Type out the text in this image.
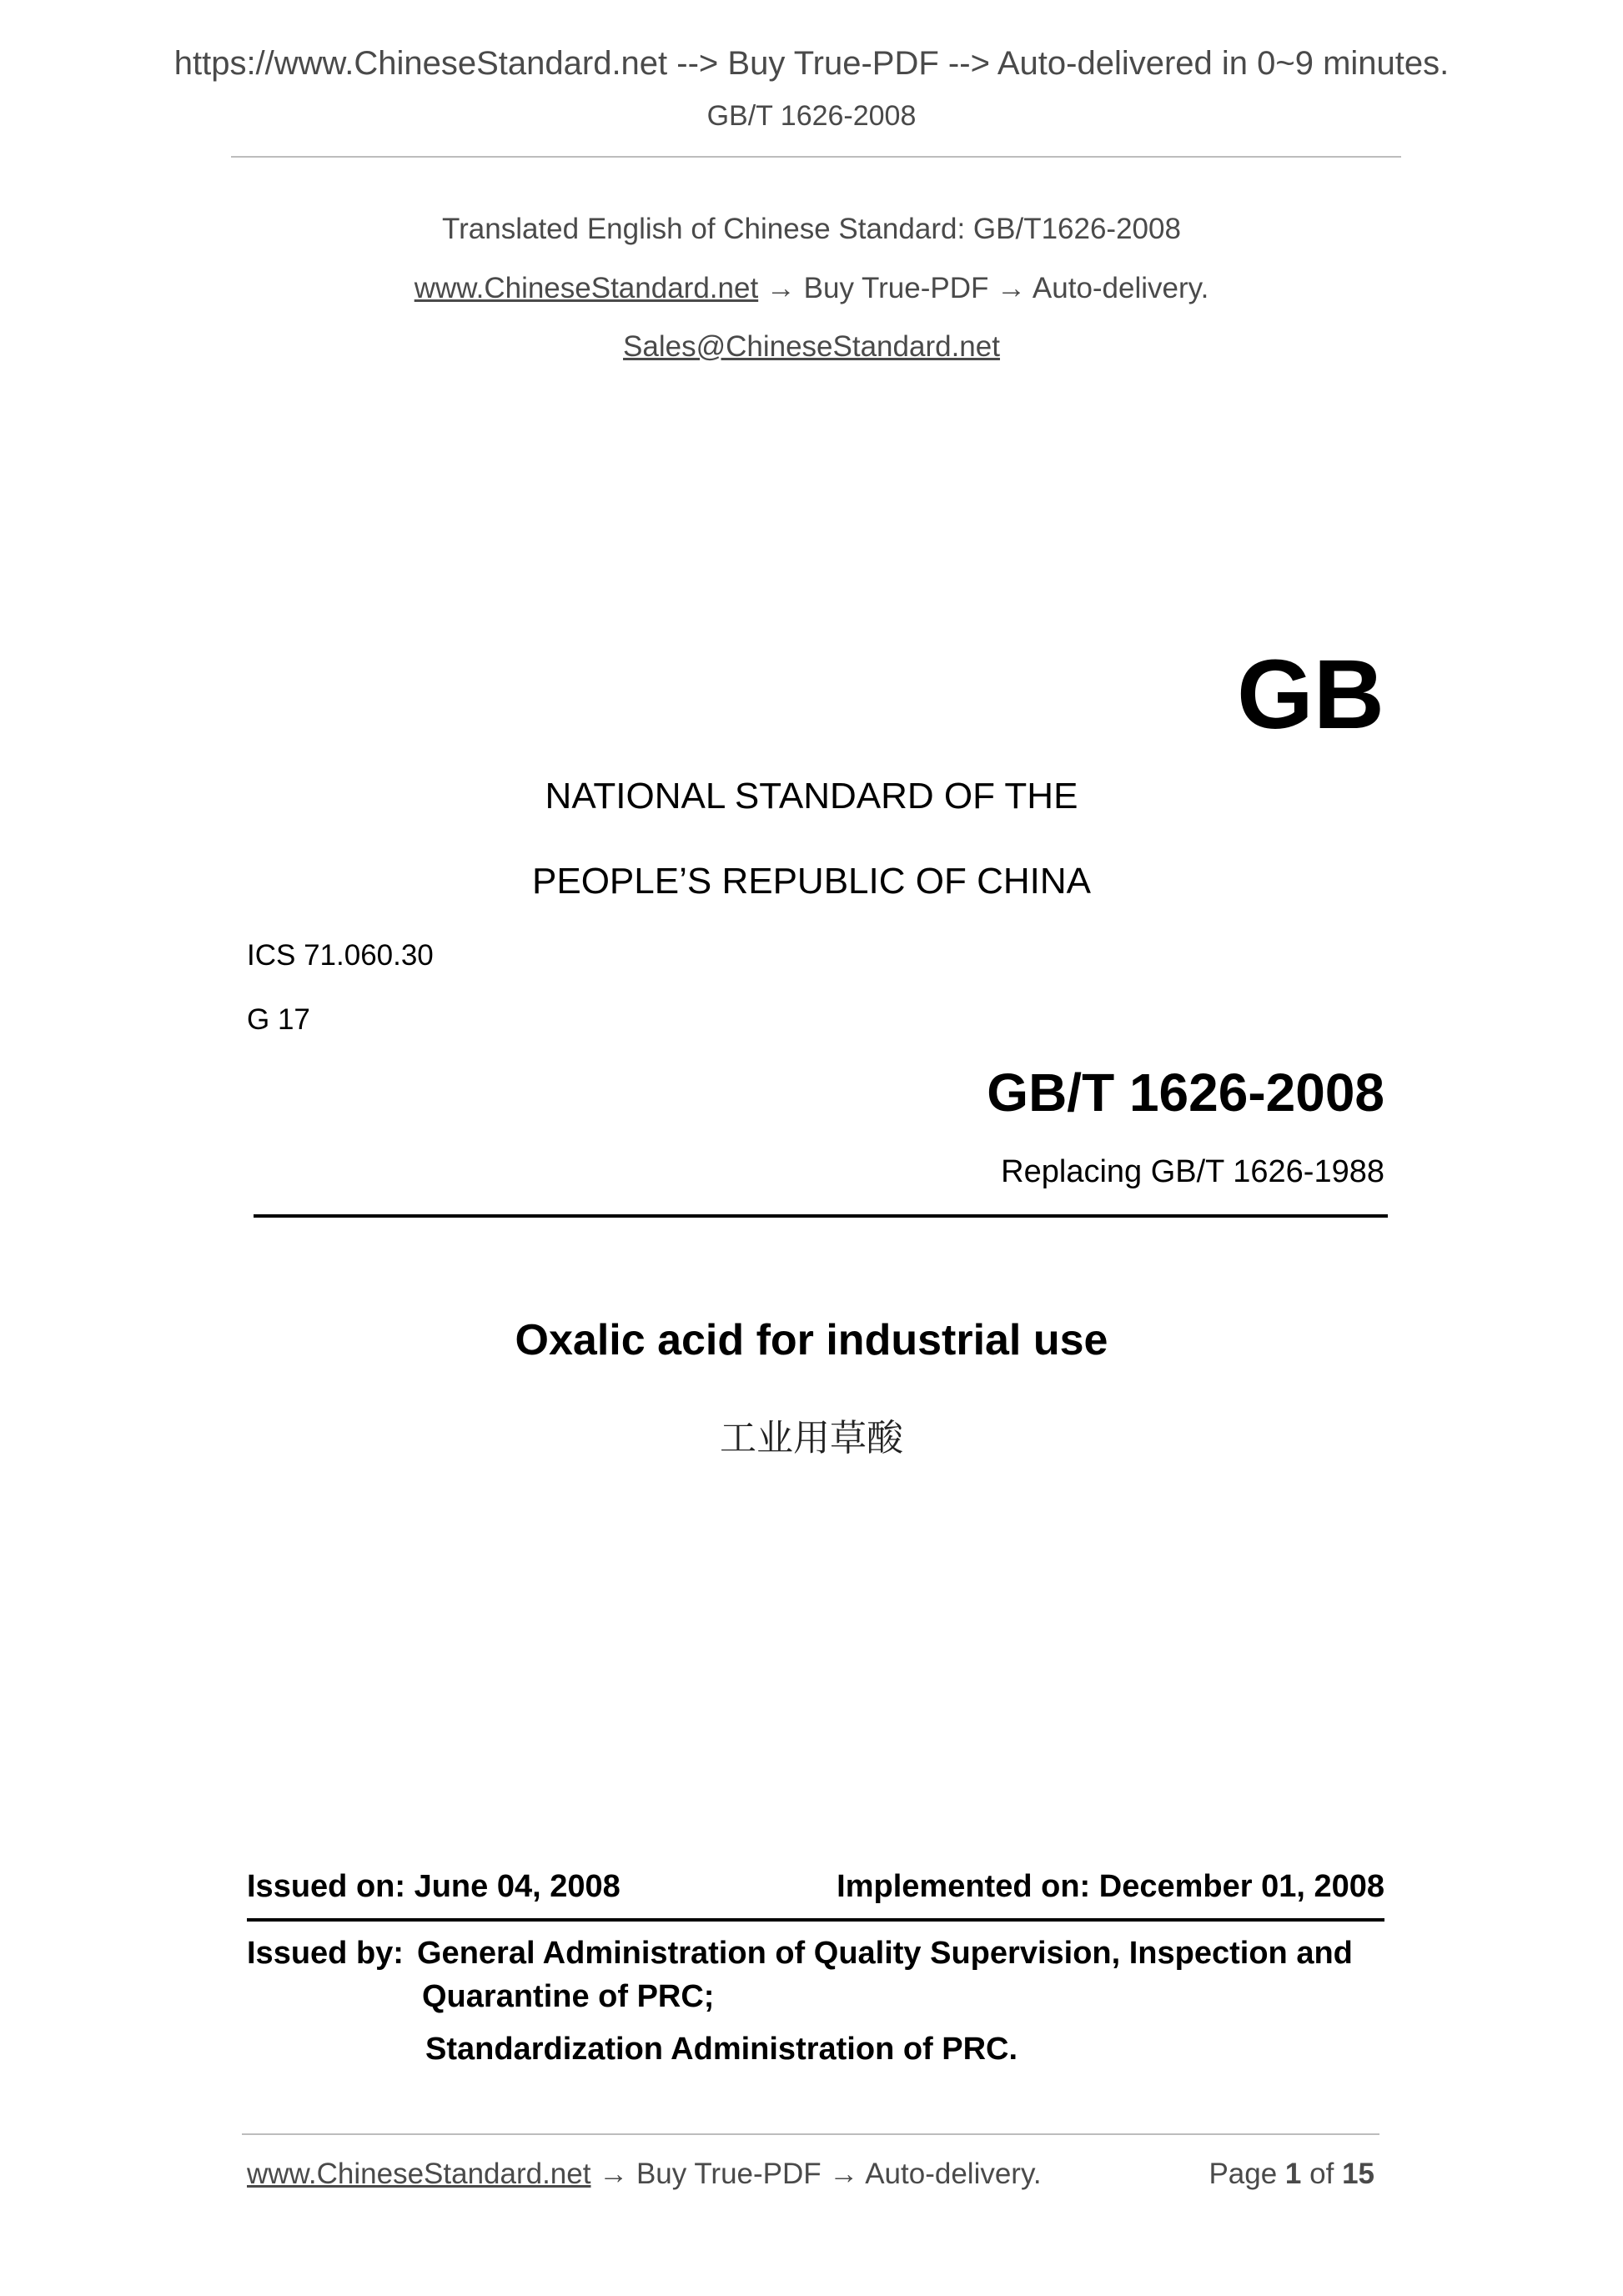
https://www.ChineseStandard.net --> Buy True-PDF --> Auto-delivered in 0~9 minutes.
GB/T 1626-2008
Translated English of Chinese Standard: GB/T1626-2008
www.ChineseStandard.net → Buy True-PDF → Auto-delivery.
Sales@ChineseStandard.net
GB
NATIONAL STANDARD OF THE
PEOPLE’S REPUBLIC OF CHINA
ICS 71.060.30
G 17
GB/T 1626-2008
Replacing GB/T 1626-1988
Oxalic acid for industrial use
工业用草酸
Issued on: June 04, 2008	Implemented on: December 01, 2008
Issued by: General Administration of Quality Supervision, Inspection and
Quarantine of PRC;
Standardization Administration of PRC.
www.ChineseStandard.net → Buy True-PDF → Auto-delivery.	Page 1 of 15
